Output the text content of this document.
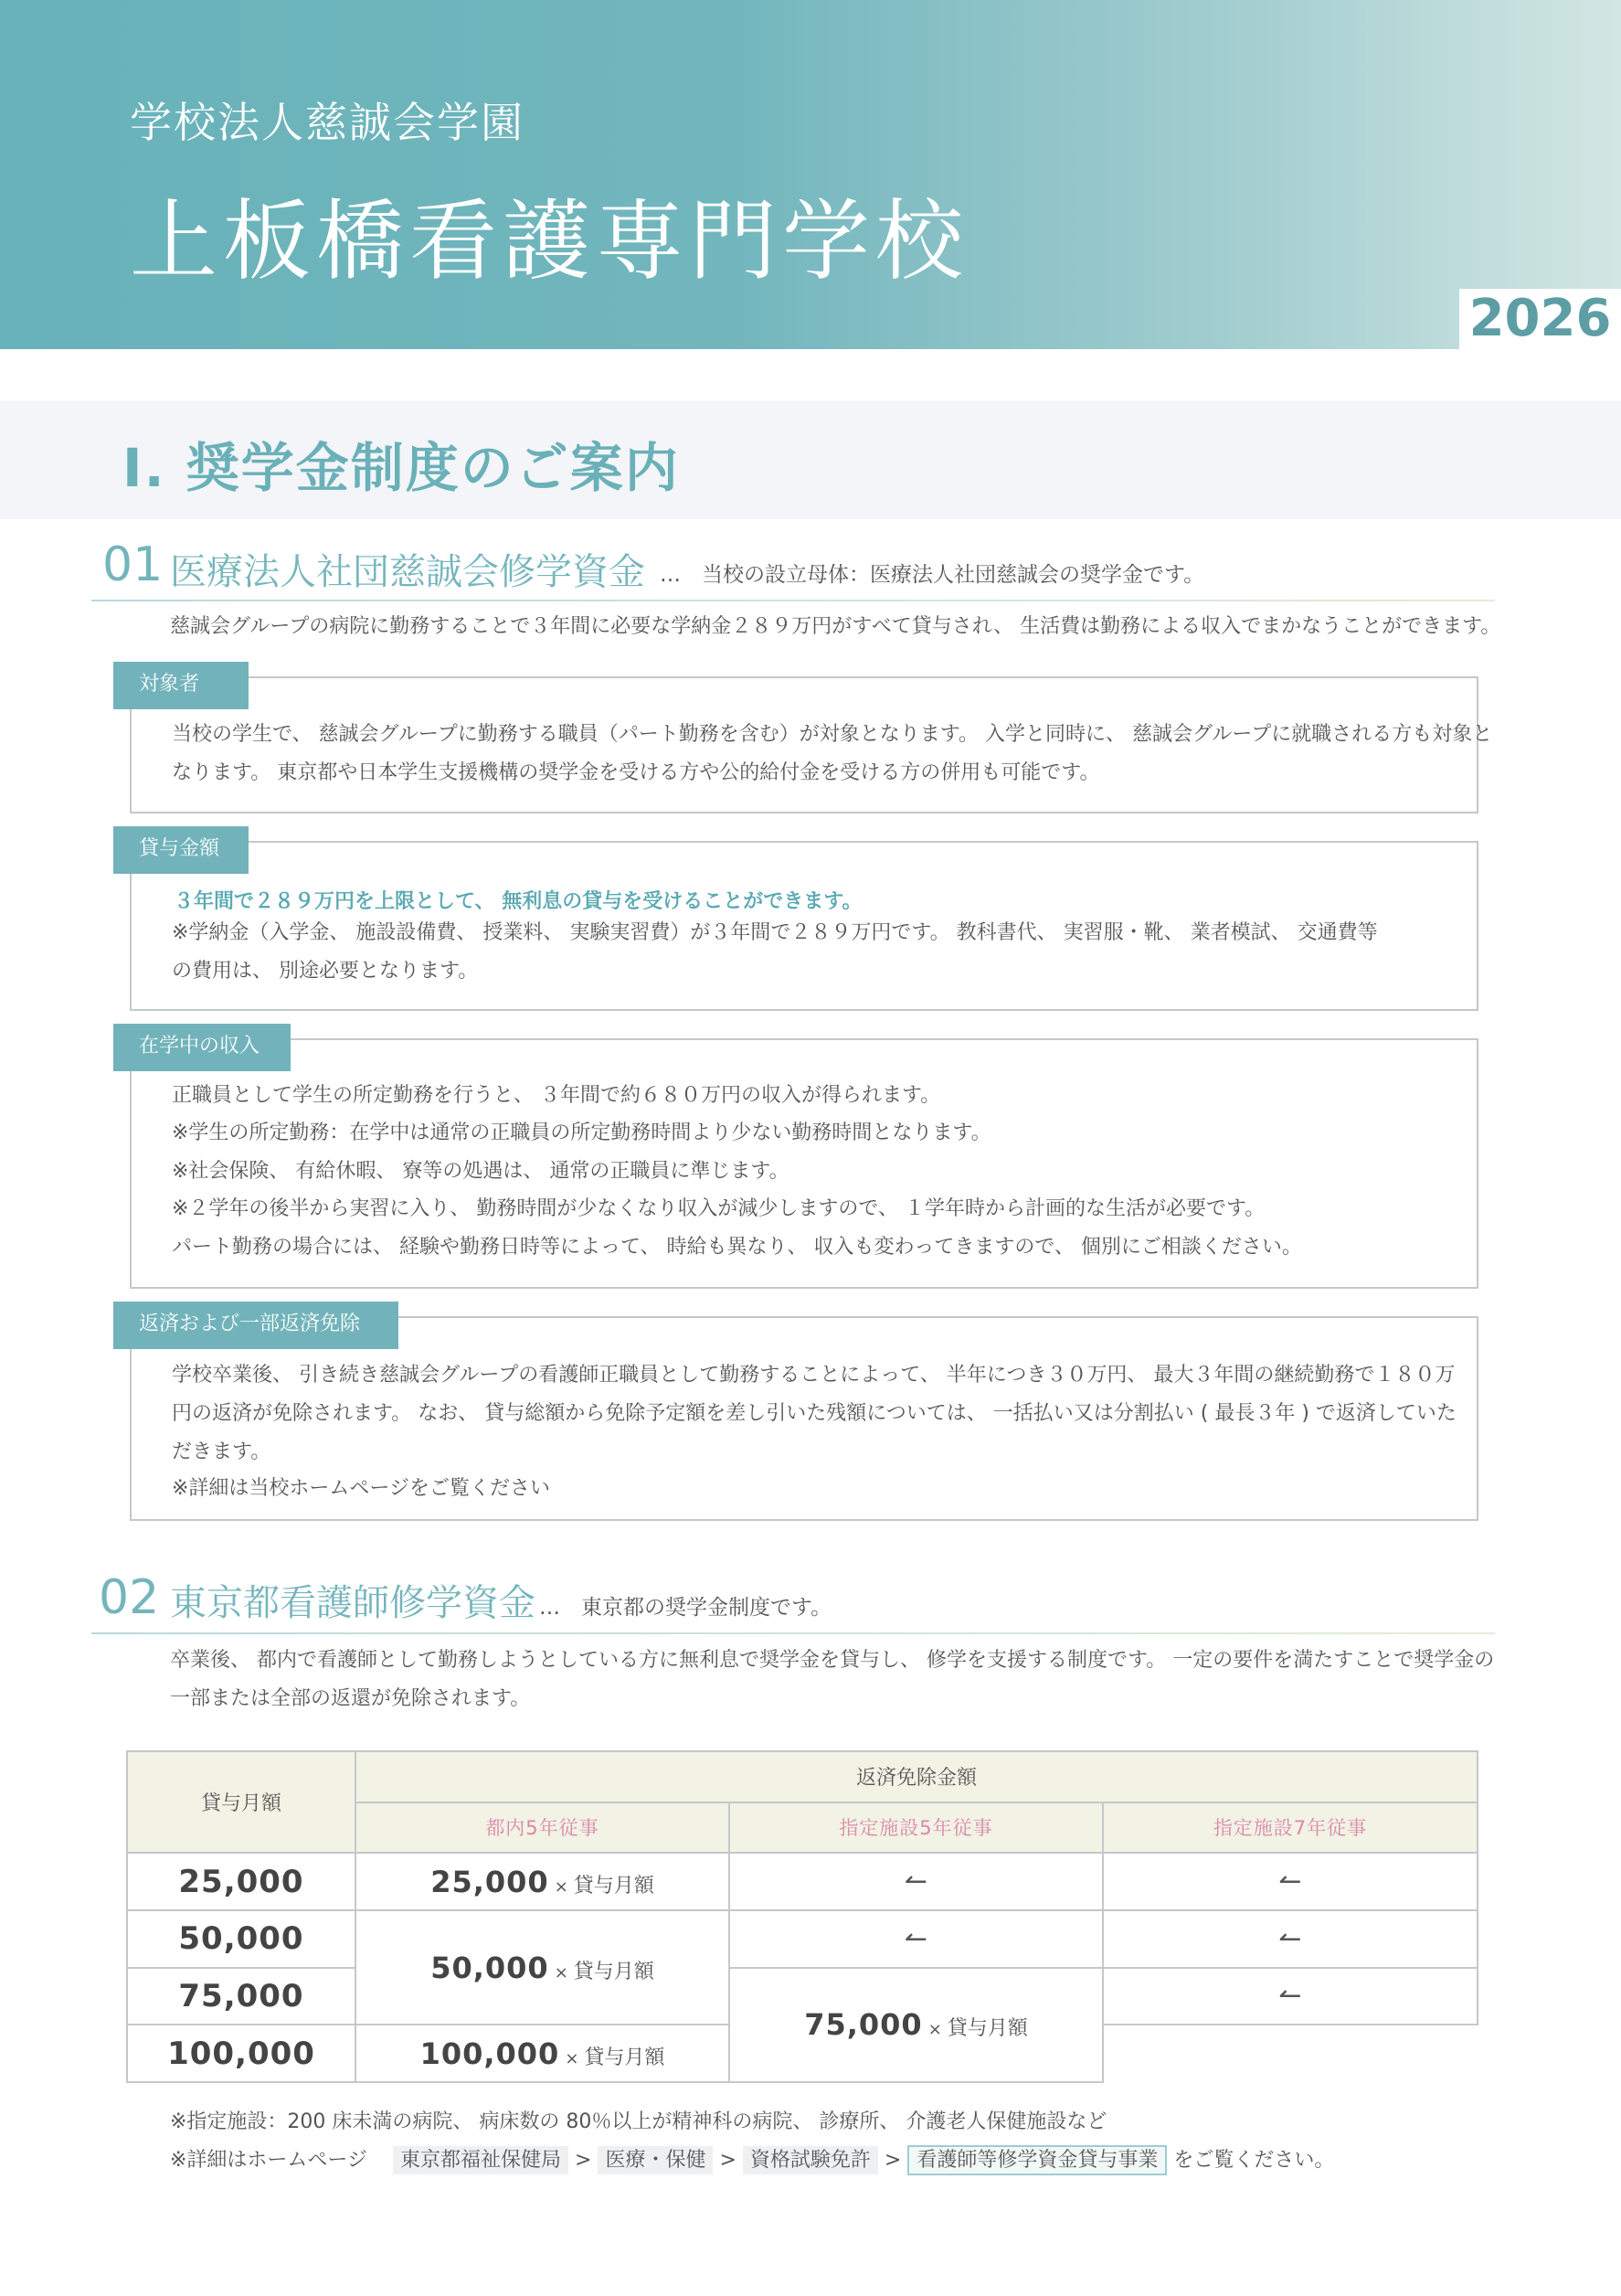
学校法人慈誠会学園
上板橋看護専門学校
2026
Ⅰ. 奨学金制度のご案内
01 医療法人社団慈誠会修学資金 …　当校の設立母体：医療法人社団慈誠会の奨学金です。
慈誠会グループの病院に勤務することで３年間に必要な学納金２８９万円がすべて貸与され、 生活費は勤務による収入でまかなうことができます。
対象者
当校の学生で、 慈誠会グループに勤務する職員（パート勤務を含む）が対象となります。 入学と同時に、 慈誠会グループに就職される方も対象と
なります。 東京都や日本学生支援機構の奨学金を受ける方や公的給付金を受ける方の併用も可能です。
貸与金額
３年間で２８９万円を上限として、 無利息の貸与を受けることができます。
※学納金（入学金、 施設設備費、 授業料、 実験実習費）が３年間で２８９万円です。 教科書代、 実習服・靴、 業者模試、 交通費等
の費用は、 別途必要となります。
在学中の収入
正職員として学生の所定勤務を行うと、 ３年間で約６８０万円の収入が得られます。
※学生の所定勤務：在学中は通常の正職員の所定勤務時間より少ない勤務時間となります。
※社会保険、 有給休暇、 寮等の処遇は、 通常の正職員に準じます。
※２学年の後半から実習に入り、 勤務時間が少なくなり収入が減少しますので、 １学年時から計画的な生活が必要です。
パート勤務の場合には、 経験や勤務日時等によって、 時給も異なり、 収入も変わってきますので、 個別にご相談ください。
返済および一部返済免除
学校卒業後、 引き続き慈誠会グループの看護師正職員として勤務することによって、 半年につき３０万円、 最大３年間の継続勤務で１８０万
円の返済が免除されます。 なお、 貸与総額から免除予定額を差し引いた残額については、 一括払い又は分割払い ( 最長３年 ) で返済していた
だきます。
※詳細は当校ホームページをご覧ください
02 東京都看護師修学資金 …　東京都の奨学金制度です。
卒業後、 都内で看護師として勤務しようとしている方に無利息で奨学金を貸与し、 修学を支援する制度です。 一定の要件を満たすことで奨学金の
一部または全部の返還が免除されます。
貸与月額	返済免除金額		
	都内5年従事	指定施設5年従事	指定施設7年従事
25,000	25,000 × 貸与月額	↼	↼
50,000	50,000 × 貸与月額	↼	↼
75,000		75,000 × 貸与月額	↼
100,000	100,000 × 貸与月額		
※指定施設：200 床未満の病院、 病床数の 80％以上が精神科の病院、 診療所、 介護老人保健施設など
※詳細はホームページ 東京都福祉保健局 > 医療・保健 > 資格試験免許 > 看護師等修学資金貸与事業 をご覧ください。
